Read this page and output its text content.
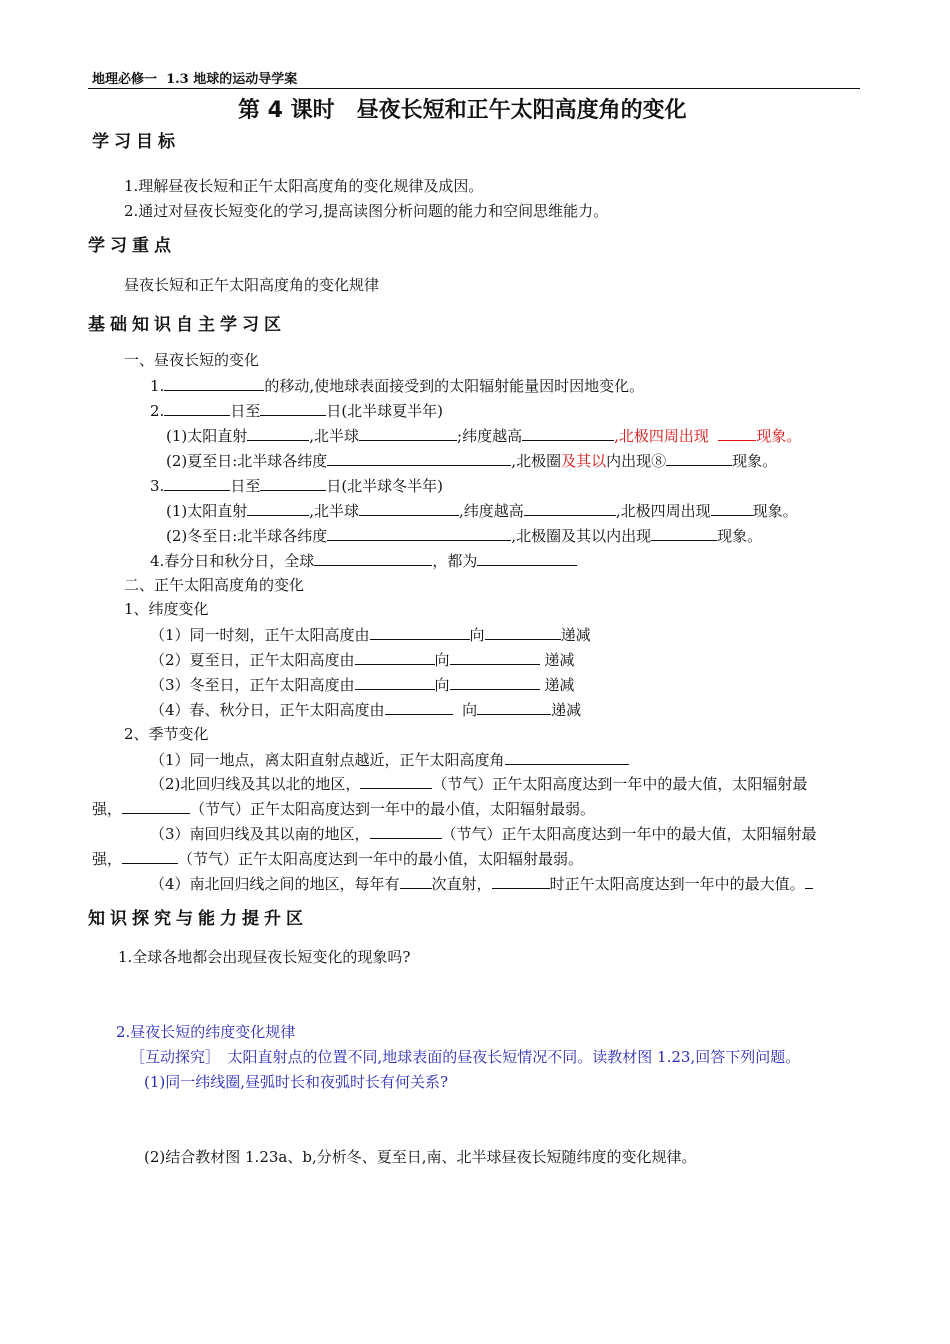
地理必修一 1.3 地球的运动导学案
第 4 课时　昼夜长短和正午太阳高度角的变化
学习目标
1.理解昼夜长短和正午太阳高度角的变化规律及成因。
2.通过对昼夜长短变化的学习,提高读图分析问题的能力和空间思维能力。
学习重点
昼夜长短和正午太阳高度角的变化规律
基础知识自主学习区
一、昼夜长短的变化
1.	的移动,使地球表面接受到的太阳辐射能量因时因地变化。
2.	日至	日(北半球夏半年)
(1)太阳直射	,北半球	;纬度越高	,北极四周出现	现象。
(2)夏至日:北半球各纬度	,北极圈及其以内出现⑧	现象。
3.	日至	日(北半球冬半年)
(1)太阳直射	,北半球	,纬度越高	,北极四周出现	现象。
(2)冬至日:北半球各纬度	,北极圈及其以内出现	现象。
4.春分日和秋分日，全球	，都为
二、正午太阳高度角的变化
1、纬度变化
（1）同一时刻，正午太阳高度由	向	递减
（2）夏至日，正午太阳高度由	向	递减
（3）冬至日，正午太阳高度由	向	递减
（4）春、秋分日，正午太阳高度由	向	递减
2、季节变化
（1）同一地点，离太阳直射点越近，正午太阳高度角
（2)北回归线及其以北的地区，	（节气）正午太阳高度达到一年中的最大值，太阳辐射最
强，	（节气）正午太阳高度达到一年中的最小值，太阳辐射最弱。
（3）南回归线及其以南的地区，	（节气）正午太阳高度达到一年中的最大值，太阳辐射最
强，	（节气）正午太阳高度达到一年中的最小值，太阳辐射最弱。
（4）南北回归线之间的地区，每年有 次直射，	时正午太阳高度达到一年中的最大值。
知识探究与能力提升区
1.全球各地都会出现昼夜长短变化的现象吗?
2.昼夜长短的纬度变化规律
［互动探究］　太阳直射点的位置不同,地球表面的昼夜长短情况不同。读教材图 1.23,回答下列问题。
(1)同一纬线圈,昼弧时长和夜弧时长有何关系?
(2)结合教材图 1.23a、b,分析冬、夏至日,南、北半球昼夜长短随纬度的变化规律。
